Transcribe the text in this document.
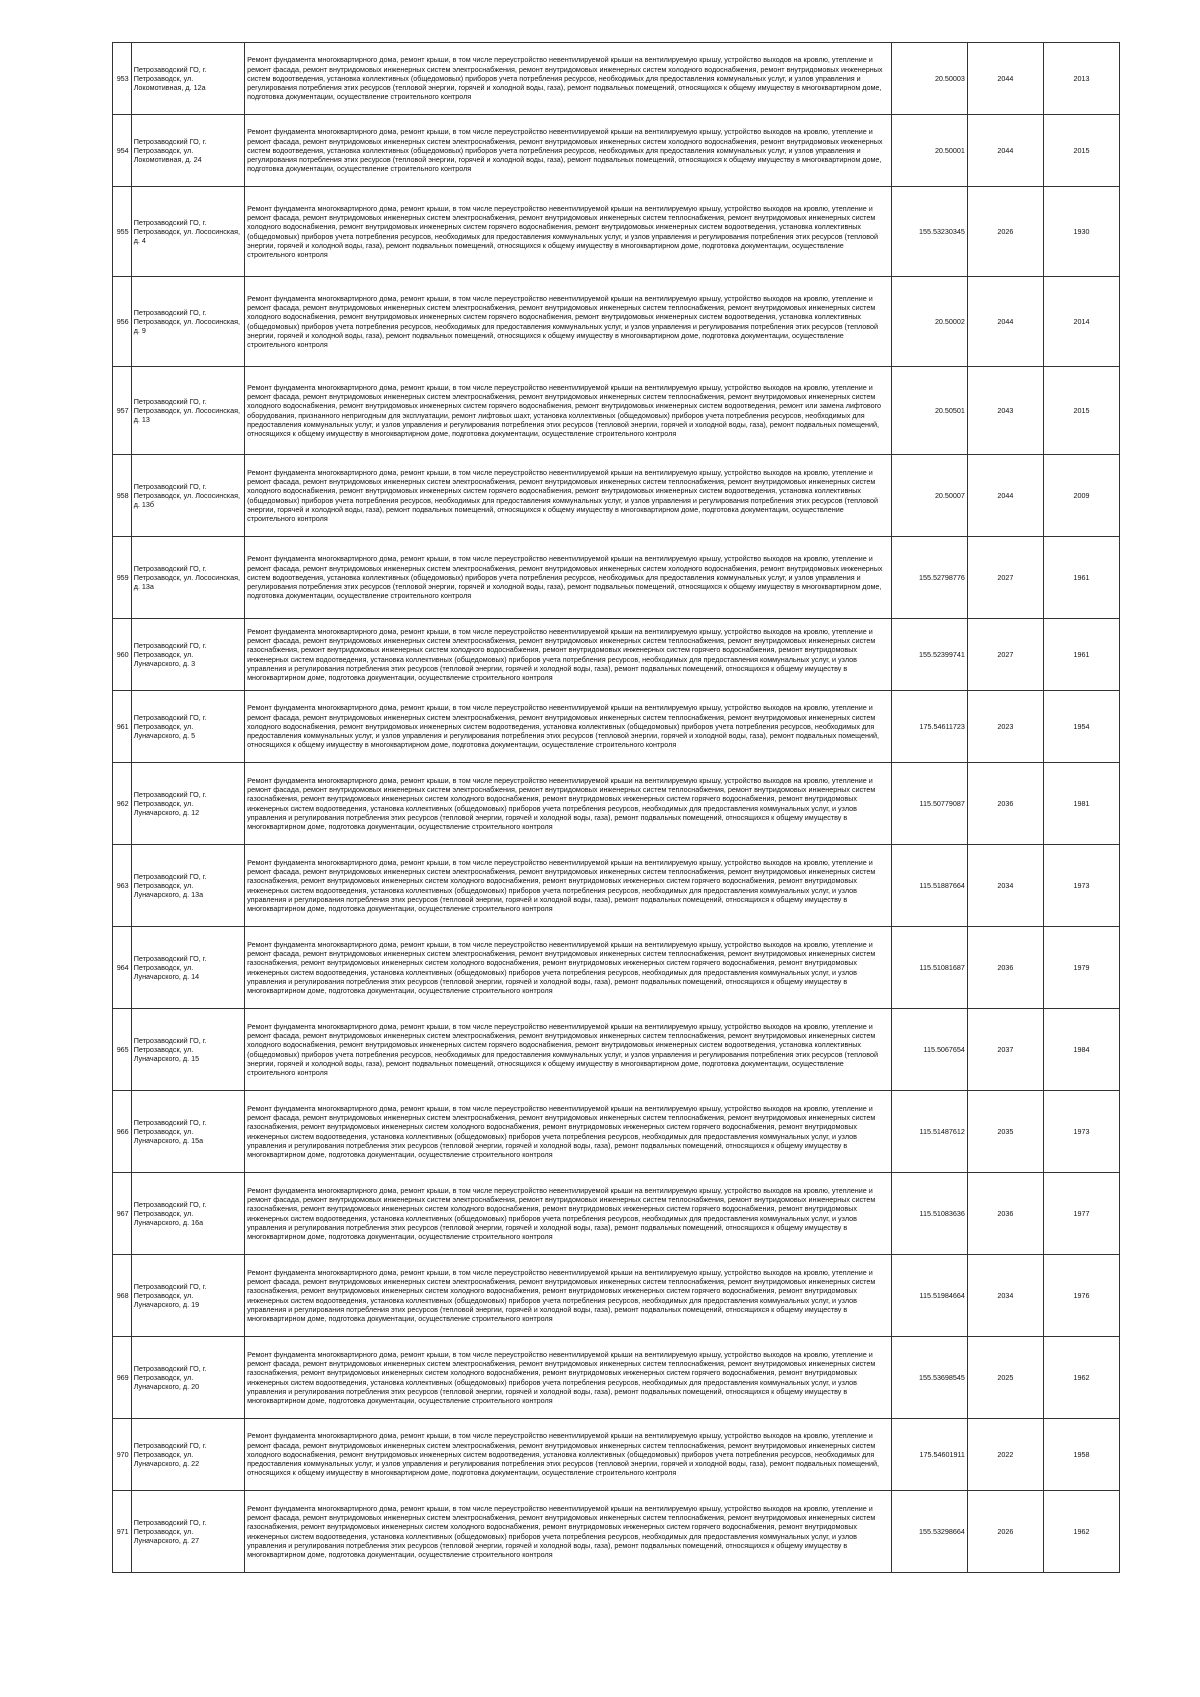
953	Петрозаводский ГО, г. Петрозаводск, ул. Локомотивная, д. 12а	Ремонт фундамента многоквартирного дома, ремонт крыши, в том числе переустройство невентилируемой крыши на вентилируемую крышу, устройство выходов на кровлю, утепление и ремонт фасада, ремонт внутридомовых инженерных систем электроснабжения, ремонт внутридомовых инженерных систем холодного водоснабжения, ремонт внутридомовых инженерных систем водоотведения, установка коллективных (общедомовых) приборов учета потребления ресурсов, необходимых для предоставления коммунальных услуг, и узлов управления и регулирования потребления этих ресурсов (тепловой энергии, горячей и холодной воды, газа), ремонт подвальных помещений, относящихся к общему имуществу в многоквартирном доме, подготовка документации, осуществление строительного контроля	20.50003	2044	2013
954	Петрозаводский ГО, г. Петрозаводск, ул. Локомотивная, д. 24	Ремонт фундамента многоквартирного дома, ремонт крыши, в том числе переустройство невентилируемой крыши на вентилируемую крышу, устройство выходов на кровлю, утепление и ремонт фасада, ремонт внутридомовых инженерных систем электроснабжения, ремонт внутридомовых инженерных систем холодного водоснабжения, ремонт внутридомовых инженерных систем водоотведения, установка коллективных (общедомовых) приборов учета потребления ресурсов, необходимых для предоставления коммунальных услуг, и узлов управления и регулирования потребления этих ресурсов (тепловой энергии, горячей и холодной воды, газа), ремонт подвальных помещений, относящихся к общему имуществу в многоквартирном доме, подготовка документации, осуществление строительного контроля	20.50001	2044	2015
955	Петрозаводский ГО, г. Петрозаводск, ул. Лососинская, д. 4	Ремонт фундамента многоквартирного дома, ремонт крыши, в том числе переустройство невентилируемой крыши на вентилируемую крышу, устройство выходов на кровлю, утепление и ремонт фасада, ремонт внутридомовых инженерных систем электроснабжения, ремонт внутридомовых инженерных систем теплоснабжения, ремонт внутридомовых инженерных систем холодного водоснабжения, ремонт внутридомовых инженерных систем горячего водоснабжения, ремонт внутридомовых инженерных систем водоотведения, установка коллективных (общедомовых) приборов учета потребления ресурсов, необходимых для предоставления коммунальных услуг, и узлов управления и регулирования потребления этих ресурсов (тепловой энергии, горячей и холодной воды, газа), ремонт подвальных помещений, относящихся к общему имуществу в многоквартирном доме, подготовка документации, осуществление строительного контроля	155.53230345	2026	1930
956	Петрозаводский ГО, г. Петрозаводск, ул. Лососинская, д. 9	Ремонт фундамента многоквартирного дома, ремонт крыши, в том числе переустройство невентилируемой крыши на вентилируемую крышу, устройство выходов на кровлю, утепление и ремонт фасада, ремонт внутридомовых инженерных систем электроснабжения, ремонт внутридомовых инженерных систем теплоснабжения, ремонт внутридомовых инженерных систем холодного водоснабжения, ремонт внутридомовых инженерных систем горячего водоснабжения, ремонт внутридомовых инженерных систем водоотведения, установка коллективных (общедомовых) приборов учета потребления ресурсов, необходимых для предоставления коммунальных услуг, и узлов управления и регулирования потребления этих ресурсов (тепловой энергии, горячей и холодной воды, газа), ремонт подвальных помещений, относящихся к общему имуществу в многоквартирном доме, подготовка документации, осуществление строительного контроля	20.50002	2044	2014
957	Петрозаводский ГО, г. Петрозаводск, ул. Лососинская, д. 13	Ремонт фундамента многоквартирного дома, ремонт крыши, в том числе переустройство невентилируемой крыши на вентилируемую крышу, устройство выходов на кровлю, утепление и ремонт фасада, ремонт внутридомовых инженерных систем электроснабжения, ремонт внутридомовых инженерных систем теплоснабжения, ремонт внутридомовых инженерных систем холодного водоснабжения, ремонт внутридомовых инженерных систем горячего водоснабжения, ремонт внутридомовых инженерных систем водоотведения, ремонт или замена лифтового оборудования, признанного непригодным для эксплуатации, ремонт лифтовых шахт, установка коллективных (общедомовых) приборов учета потребления ресурсов, необходимых для предоставления коммунальных услуг, и узлов управления и регулирования потребления этих ресурсов (тепловой энергии, горячей и холодной воды, газа), ремонт подвальных помещений, относящихся к общему имуществу в многоквартирном доме, подготовка документации, осуществление строительного контроля	20.50501	2043	2015
958	Петрозаводский ГО, г. Петрозаводск, ул. Лососинская, д. 13б	Ремонт фундамента многоквартирного дома, ремонт крыши, в том числе переустройство невентилируемой крыши на вентилируемую крышу, устройство выходов на кровлю, утепление и ремонт фасада, ремонт внутридомовых инженерных систем электроснабжения, ремонт внутридомовых инженерных систем теплоснабжения, ремонт внутридомовых инженерных систем холодного водоснабжения, ремонт внутридомовых инженерных систем горячего водоснабжения, ремонт внутридомовых инженерных систем водоотведения, установка коллективных (общедомовых) приборов учета потребления ресурсов, необходимых для предоставления коммунальных услуг, и узлов управления и регулирования потребления этих ресурсов (тепловой энергии, горячей и холодной воды, газа), ремонт подвальных помещений, относящихся к общему имуществу в многоквартирном доме, подготовка документации, осуществление строительного контроля	20.50007	2044	2009
959	Петрозаводский ГО, г. Петрозаводск, ул. Лососинская, д. 13а	Ремонт фундамента многоквартирного дома, ремонт крыши, в том числе переустройство невентилируемой крыши на вентилируемую крышу, устройство выходов на кровлю, утепление и ремонт фасада, ремонт внутридомовых инженерных систем электроснабжения, ремонт внутридомовых инженерных систем холодного водоснабжения, ремонт внутридомовых инженерных систем водоотведения, установка коллективных (общедомовых) приборов учета потребления ресурсов, необходимых для предоставления коммунальных услуг, и узлов управления и регулирования потребления этих ресурсов (тепловой энергии, горячей и холодной воды, газа), ремонт подвальных помещений, относящихся к общему имуществу в многоквартирном доме, подготовка документации, осуществление строительного контроля	155.52798776	2027	1961
960	Петрозаводский ГО, г. Петрозаводск, ул. Луначарского, д. 3	Ремонт фундамента многоквартирного дома, ремонт крыши, в том числе переустройство невентилируемой крыши на вентилируемую крышу, устройство выходов на кровлю, утепление и ремонт фасада, ремонт внутридомовых инженерных систем электроснабжения, ремонт внутридомовых инженерных систем теплоснабжения, ремонт внутридомовых инженерных систем газоснабжения, ремонт внутридомовых инженерных систем холодного водоснабжения, ремонт внутридомовых инженерных систем горячего водоснабжения, ремонт внутридомовых инженерных систем водоотведения, установка коллективных (общедомовых) приборов учета потребления ресурсов, необходимых для предоставления коммунальных услуг, и узлов управления и регулирования потребления этих ресурсов (тепловой энергии, горячей и холодной воды, газа), ремонт подвальных помещений, относящихся к общему имуществу в многоквартирном доме, подготовка документации, осуществление строительного контроля	155.52399741	2027	1961
961	Петрозаводский ГО, г. Петрозаводск, ул. Луначарского, д. 5	Ремонт фундамента многоквартирного дома, ремонт крыши, в том числе переустройство невентилируемой крыши на вентилируемую крышу, устройство выходов на кровлю, утепление и ремонт фасада, ремонт внутридомовых инженерных систем электроснабжения, ремонт внутридомовых инженерных систем теплоснабжения, ремонт внутридомовых инженерных систем холодного водоснабжения, ремонт внутридомовых инженерных систем водоотведения, установка коллективных (общедомовых) приборов учета потребления ресурсов, необходимых для предоставления коммунальных услуг, и узлов управления и регулирования потребления этих ресурсов (тепловой энергии, горячей и холодной воды, газа), ремонт подвальных помещений, относящихся к общему имуществу в многоквартирном доме, подготовка документации, осуществление строительного контроля	175.54611723	2023	1954
962	Петрозаводский ГО, г. Петрозаводск, ул. Луначарского, д. 12	Ремонт фундамента многоквартирного дома, ремонт крыши, в том числе переустройство невентилируемой крыши на вентилируемую крышу, устройство выходов на кровлю, утепление и ремонт фасада, ремонт внутридомовых инженерных систем электроснабжения, ремонт внутридомовых инженерных систем теплоснабжения, ремонт внутридомовых инженерных систем газоснабжения, ремонт внутридомовых инженерных систем холодного водоснабжения, ремонт внутридомовых инженерных систем горячего водоснабжения, ремонт внутридомовых инженерных систем водоотведения, установка коллективных (общедомовых) приборов учета потребления ресурсов, необходимых для предоставления коммунальных услуг, и узлов управления и регулирования потребления этих ресурсов (тепловой энергии, горячей и холодной воды, газа), ремонт подвальных помещений, относящихся к общему имуществу в многоквартирном доме, подготовка документации, осуществление строительного контроля	115.50779087	2036	1981
963	Петрозаводский ГО, г. Петрозаводск, ул. Луначарского, д. 13а	Ремонт фундамента многоквартирного дома, ремонт крыши, в том числе переустройство невентилируемой крыши на вентилируемую крышу, устройство выходов на кровлю, утепление и ремонт фасада, ремонт внутридомовых инженерных систем электроснабжения, ремонт внутридомовых инженерных систем теплоснабжения, ремонт внутридомовых инженерных систем газоснабжения, ремонт внутридомовых инженерных систем холодного водоснабжения, ремонт внутридомовых инженерных систем горячего водоснабжения, ремонт внутридомовых инженерных систем водоотведения, установка коллективных (общедомовых) приборов учета потребления ресурсов, необходимых для предоставления коммунальных услуг, и узлов управления и регулирования потребления этих ресурсов (тепловой энергии, горячей и холодной воды, газа), ремонт подвальных помещений, относящихся к общему имуществу в многоквартирном доме, подготовка документации, осуществление строительного контроля	115.51887664	2034	1973
964	Петрозаводский ГО, г. Петрозаводск, ул. Луначарского, д. 14	Ремонт фундамента многоквартирного дома, ремонт крыши, в том числе переустройство невентилируемой крыши на вентилируемую крышу, устройство выходов на кровлю, утепление и ремонт фасада, ремонт внутридомовых инженерных систем электроснабжения, ремонт внутридомовых инженерных систем теплоснабжения, ремонт внутридомовых инженерных систем газоснабжения, ремонт внутридомовых инженерных систем холодного водоснабжения, ремонт внутридомовых инженерных систем горячего водоснабжения, ремонт внутридомовых инженерных систем водоотведения, установка коллективных (общедомовых) приборов учета потребления ресурсов, необходимых для предоставления коммунальных услуг, и узлов управления и регулирования потребления этих ресурсов (тепловой энергии, горячей и холодной воды, газа), ремонт подвальных помещений, относящихся к общему имуществу в многоквартирном доме, подготовка документации, осуществление строительного контроля	115.51081687	2036	1979
965	Петрозаводский ГО, г. Петрозаводск, ул. Луначарского, д. 15	Ремонт фундамента многоквартирного дома, ремонт крыши, в том числе переустройство невентилируемой крыши на вентилируемую крышу, устройство выходов на кровлю, утепление и ремонт фасада, ремонт внутридомовых инженерных систем электроснабжения, ремонт внутридомовых инженерных систем теплоснабжения, ремонт внутридомовых инженерных систем холодного водоснабжения, ремонт внутридомовых инженерных систем горячего водоснабжения, ремонт внутридомовых инженерных систем водоотведения, установка коллективных (общедомовых) приборов учета потребления ресурсов, необходимых для предоставления коммунальных услуг, и узлов управления и регулирования потребления этих ресурсов (тепловой энергии, горячей и холодной воды, газа), ремонт подвальных помещений, относящихся к общему имуществу в многоквартирном доме, подготовка документации, осуществление строительного контроля	115.5067654	2037	1984
966	Петрозаводский ГО, г. Петрозаводск, ул. Луначарского, д. 15а	Ремонт фундамента многоквартирного дома, ремонт крыши, в том числе переустройство невентилируемой крыши на вентилируемую крышу, устройство выходов на кровлю, утепление и ремонт фасада, ремонт внутридомовых инженерных систем электроснабжения, ремонт внутридомовых инженерных систем теплоснабжения, ремонт внутридомовых инженерных систем газоснабжения, ремонт внутридомовых инженерных систем холодного водоснабжения, ремонт внутридомовых инженерных систем горячего водоснабжения, ремонт внутридомовых инженерных систем водоотведения, установка коллективных (общедомовых) приборов учета потребления ресурсов, необходимых для предоставления коммунальных услуг, и узлов управления и регулирования потребления этих ресурсов (тепловой энергии, горячей и холодной воды, газа), ремонт подвальных помещений, относящихся к общему имуществу в многоквартирном доме, подготовка документации, осуществление строительного контроля	115.51487612	2035	1973
967	Петрозаводский ГО, г. Петрозаводск, ул. Луначарского, д. 16а	Ремонт фундамента многоквартирного дома, ремонт крыши, в том числе переустройство невентилируемой крыши на вентилируемую крышу, устройство выходов на кровлю, утепление и ремонт фасада, ремонт внутридомовых инженерных систем электроснабжения, ремонт внутридомовых инженерных систем теплоснабжения, ремонт внутридомовых инженерных систем газоснабжения, ремонт внутридомовых инженерных систем холодного водоснабжения, ремонт внутридомовых инженерных систем горячего водоснабжения, ремонт внутридомовых инженерных систем водоотведения, установка коллективных (общедомовых) приборов учета потребления ресурсов, необходимых для предоставления коммунальных услуг, и узлов управления и регулирования потребления этих ресурсов (тепловой энергии, горячей и холодной воды, газа), ремонт подвальных помещений, относящихся к общему имуществу в многоквартирном доме, подготовка документации, осуществление строительного контроля	115.51083636	2036	1977
968	Петрозаводский ГО, г. Петрозаводск, ул. Луначарского, д. 19	Ремонт фундамента многоквартирного дома, ремонт крыши, в том числе переустройство невентилируемой крыши на вентилируемую крышу, устройство выходов на кровлю, утепление и ремонт фасада, ремонт внутридомовых инженерных систем электроснабжения, ремонт внутридомовых инженерных систем теплоснабжения, ремонт внутридомовых инженерных систем газоснабжения, ремонт внутридомовых инженерных систем холодного водоснабжения, ремонт внутридомовых инженерных систем горячего водоснабжения, ремонт внутридомовых инженерных систем водоотведения, установка коллективных (общедомовых) приборов учета потребления ресурсов, необходимых для предоставления коммунальных услуг, и узлов управления и регулирования потребления этих ресурсов (тепловой энергии, горячей и холодной воды, газа), ремонт подвальных помещений, относящихся к общему имуществу в многоквартирном доме, подготовка документации, осуществление строительного контроля	115.51984664	2034	1976
969	Петрозаводский ГО, г. Петрозаводск, ул. Луначарского, д. 20	Ремонт фундамента многоквартирного дома, ремонт крыши, в том числе переустройство невентилируемой крыши на вентилируемую крышу, устройство выходов на кровлю, утепление и ремонт фасада, ремонт внутридомовых инженерных систем электроснабжения, ремонт внутридомовых инженерных систем теплоснабжения, ремонт внутридомовых инженерных систем газоснабжения, ремонт внутридомовых инженерных систем холодного водоснабжения, ремонт внутридомовых инженерных систем горячего водоснабжения, ремонт внутридомовых инженерных систем водоотведения, установка коллективных (общедомовых) приборов учета потребления ресурсов, необходимых для предоставления коммунальных услуг, и узлов управления и регулирования потребления этих ресурсов (тепловой энергии, горячей и холодной воды, газа), ремонт подвальных помещений, относящихся к общему имуществу в многоквартирном доме, подготовка документации, осуществление строительного контроля	155.53698545	2025	1962
970	Петрозаводский ГО, г. Петрозаводск, ул. Луначарского, д. 22	Ремонт фундамента многоквартирного дома, ремонт крыши, в том числе переустройство невентилируемой крыши на вентилируемую крышу, устройство выходов на кровлю, утепление и ремонт фасада, ремонт внутридомовых инженерных систем электроснабжения, ремонт внутридомовых инженерных систем теплоснабжения, ремонт внутридомовых инженерных систем холодного водоснабжения, ремонт внутридомовых инженерных систем водоотведения, установка коллективных (общедомовых) приборов учета потребления ресурсов, необходимых для предоставления коммунальных услуг, и узлов управления и регулирования потребления этих ресурсов (тепловой энергии, горячей и холодной воды, газа), ремонт подвальных помещений, относящихся к общему имуществу в многоквартирном доме, подготовка документации, осуществление строительного контроля	175.54601911	2022	1958
971	Петрозаводский ГО, г. Петрозаводск, ул. Луначарского, д. 27	Ремонт фундамента многоквартирного дома, ремонт крыши, в том числе переустройство невентилируемой крыши на вентилируемую крышу, устройство выходов на кровлю, утепление и ремонт фасада, ремонт внутридомовых инженерных систем электроснабжения, ремонт внутридомовых инженерных систем теплоснабжения, ремонт внутридомовых инженерных систем газоснабжения, ремонт внутридомовых инженерных систем холодного водоснабжения, ремонт внутридомовых инженерных систем горячего водоснабжения, ремонт внутридомовых инженерных систем водоотведения, установка коллективных (общедомовых) приборов учета потребления ресурсов, необходимых для предоставления коммунальных услуг, и узлов управления и регулирования потребления этих ресурсов (тепловой энергии, горячей и холодной воды, газа), ремонт подвальных помещений, относящихся к общему имуществу в многоквартирном доме, подготовка документации, осуществление строительного контроля	155.53298664	2026	1962
